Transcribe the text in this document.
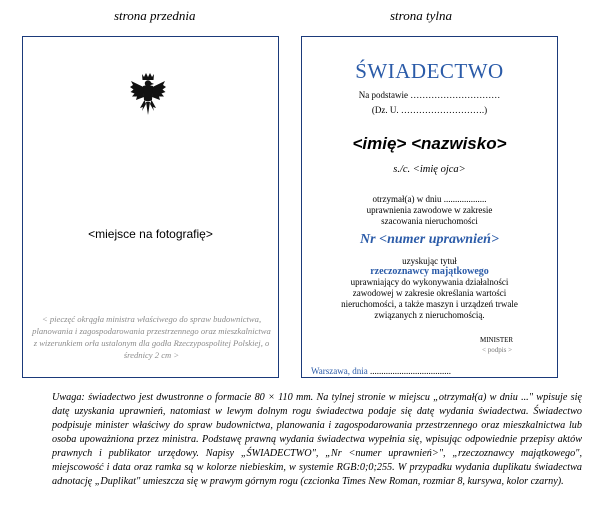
strona przednia	strona tylna
<miejsce na fotografię>
< pieczęć okrągła ministra właściwego do spraw budownictwa, planowania i zagospodarowania przestrzennego oraz mieszkalnictwa z wizerunkiem orła ustalonym dla godła Rzeczypospolitej Polskiej, o średnicy 2 cm >
ŚWIADECTWO
Na podstawie …………………………
(Dz. U. ……………………….)
<imię> <nazwisko>
s./c. <imię ojca>
otrzymał(a) w dniu ...................
uprawnienia zawodowe w zakresie szacowania nieruchomości
Nr <numer uprawnień>
uzyskując tytuł
rzeczoznawcy majątkowego
uprawniający do wykonywania działalności zawodowej w zakresie określania wartości nieruchomości, a także maszyn i urządzeń trwale związanych z nieruchomością.
MINISTER
< podpis >
Warszawa, dnia ....................................
Uwaga: świadectwo jest dwustronne o formacie 80 × 110 mm. Na tylnej stronie w miejscu „otrzymał(a) w dniu ..." wpisuje się datę uzyskania uprawnień, natomiast w lewym dolnym rogu świadectwa podaje się datę wydania świadectwa. Świadectwo podpisuje minister właściwy do spraw budownictwa, planowania i zagospodarowania przestrzennego oraz mieszkalnictwa lub osoba upoważniona przez ministra. Podstawę prawną wydania świadectwa wypełnia się, wpisując odpowiednie przepisy aktów prawnych i publikator urzędowy. Napisy „ŚWIADECTWO", „Nr <numer uprawnień>", „rzeczoznawcy majątkowego", miejscowość i data oraz ramka są w kolorze niebieskim, w systemie RGB:0;0;255. W przypadku wydania duplikatu świadectwa adnotację „Duplikat" umieszcza się w prawym górnym rogu (czcionka Times New Roman, rozmiar 8, kursywa, kolor czarny).
